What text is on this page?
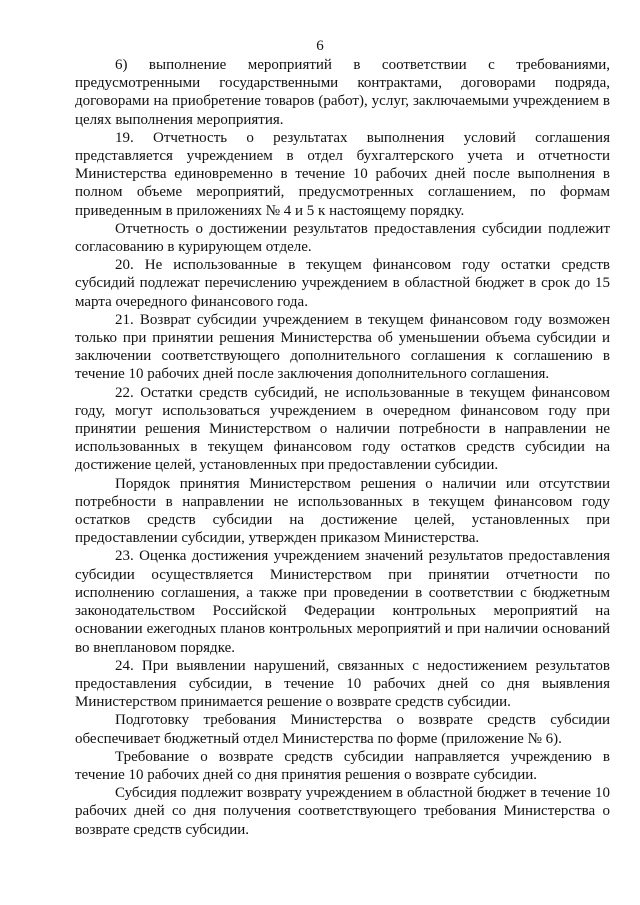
6

6) выполнение мероприятий в соответствии с требованиями, предусмотренными государственными контрактами, договорами подряда, договорами на приобретение товаров (работ), услуг, заключаемыми учреждением в целях выполнения мероприятия.

19. Отчетность о результатах выполнения условий соглашения представляется учреждением в отдел бухгалтерского учета и отчетности Министерства единовременно в течение 10 рабочих дней после выполнения в полном объеме мероприятий, предусмотренных соглашением, по формам приведенным в приложениях № 4 и 5 к настоящему порядку.

Отчетность о достижении результатов предоставления субсидии подлежит согласованию в курирующем отделе.

20. Не использованные в текущем финансовом году остатки средств субсидий подлежат перечислению учреждением в областной бюджет в срок до 15 марта очередного финансового года.

21. Возврат субсидии учреждением в текущем финансовом году возможен только при принятии решения Министерства об уменьшении объема субсидии и заключении соответствующего дополнительного соглашения к соглашению в течение 10 рабочих дней после заключения дополнительного соглашения.

22. Остатки средств субсидий, не использованные в текущем финансовом году, могут использоваться учреждением в очередном финансовом году при принятии решения Министерством о наличии потребности в направлении не использованных в текущем финансовом году остатков средств субсидии на достижение целей, установленных при предоставлении субсидии.

Порядок принятия Министерством решения о наличии или отсутствии потребности в направлении не использованных в текущем финансовом году остатков средств субсидии на достижение целей, установленных при предоставлении субсидии, утвержден приказом Министерства.

23. Оценка достижения учреждением значений результатов предоставления субсидии осуществляется Министерством при принятии отчетности по исполнению соглашения, а также при проведении в соответствии с бюджетным законодательством Российской Федерации контрольных мероприятий на основании ежегодных планов контрольных мероприятий и при наличии оснований во внеплановом порядке.

24. При выявлении нарушений, связанных с недостижением результатов предоставления субсидии, в течение 10 рабочих дней со дня выявления Министерством принимается решение о возврате средств субсидии.

Подготовку требования Министерства о возврате средств субсидии обеспечивает бюджетный отдел Министерства по форме (приложение № 6).

Требование о возврате средств субсидии направляется учреждению в течение 10 рабочих дней со дня принятия решения о возврате субсидии.

Субсидия подлежит возврату учреждением в областной бюджет в течение 10 рабочих дней со дня получения соответствующего требования Министерства о возврате средств субсидии.
